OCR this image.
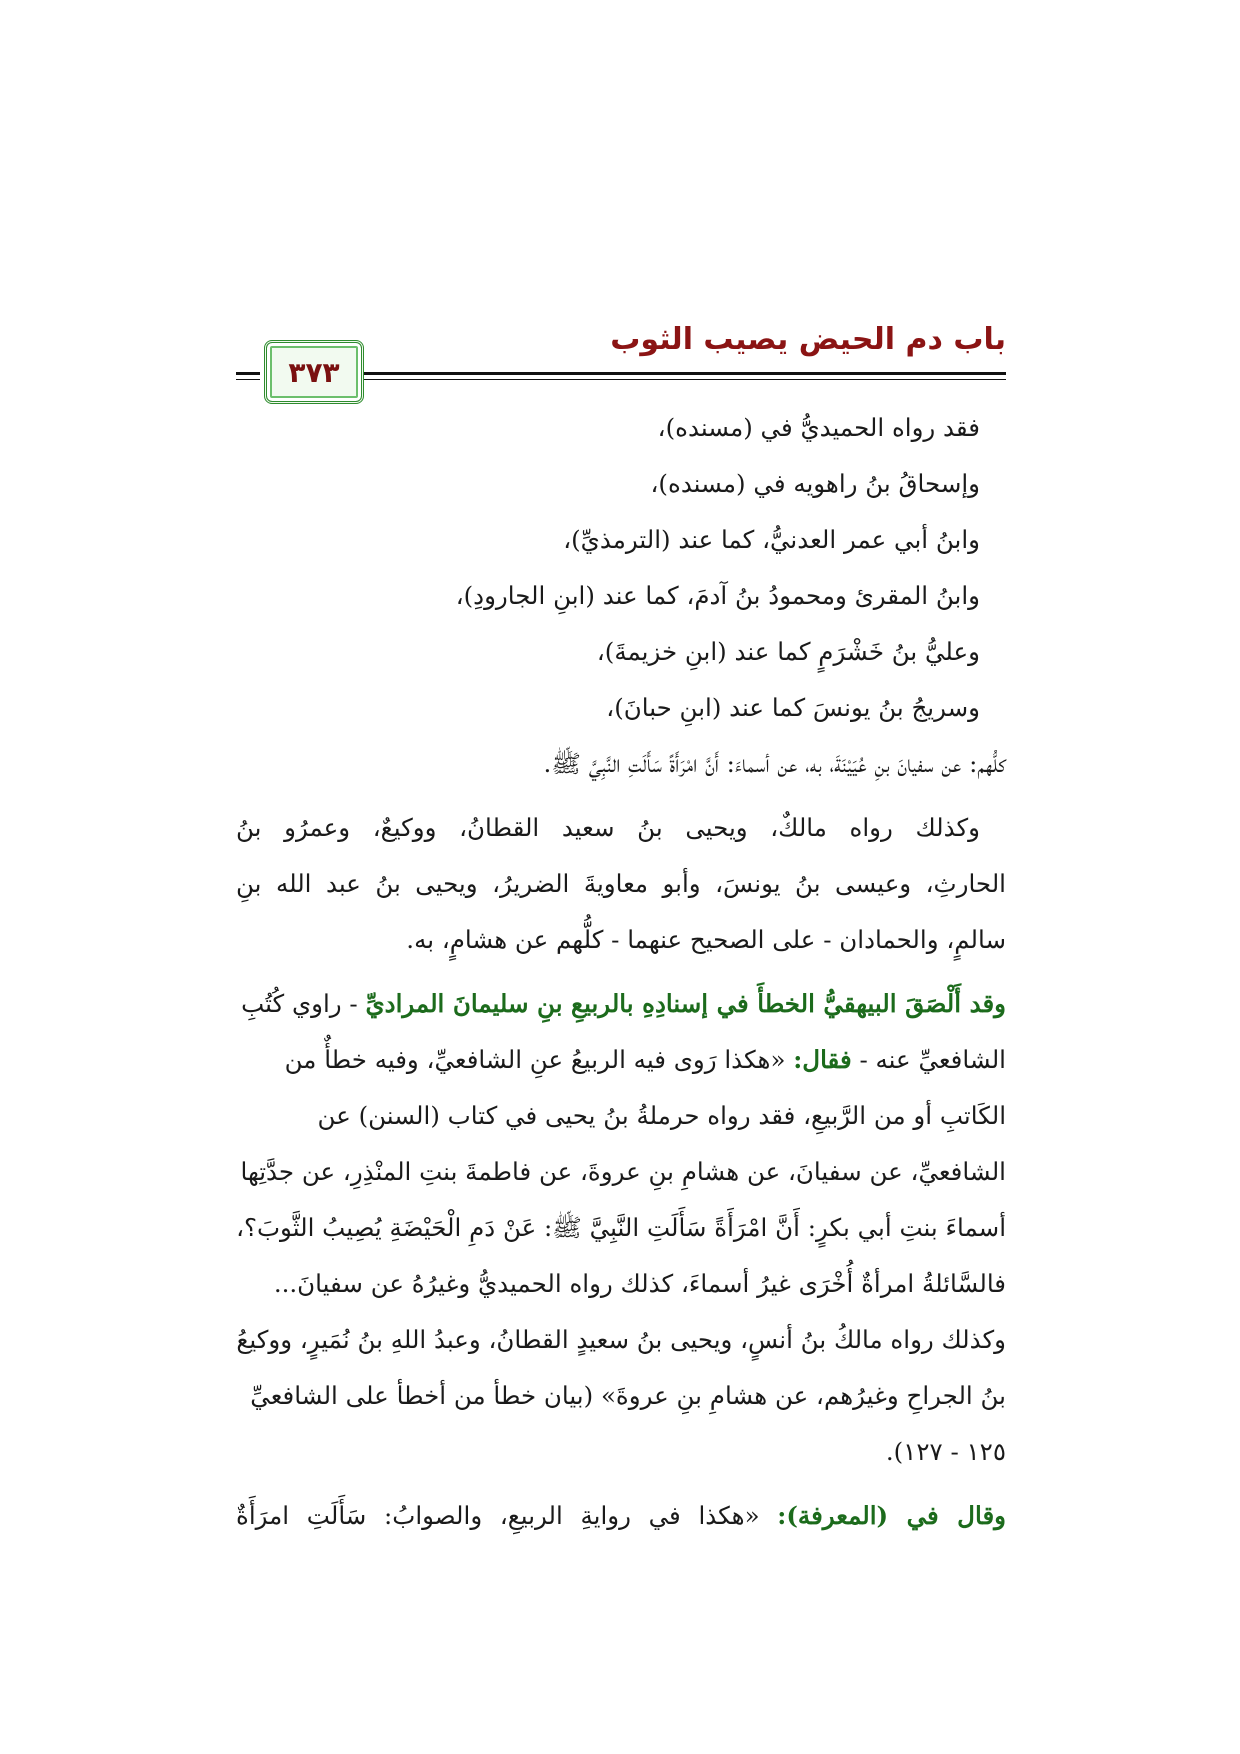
باب دم الحيض يصيب الثوب
٣٧٣

فقد رواه الحميديُّ في (مسنده)،

وإسحاقُ بنُ راهويه في (مسنده)،

وابنُ أبي عمر العدنيُّ، كما عند (الترمذيِّ)،

وابنُ المقرئ ومحمودُ بنُ آدمَ، كما عند (ابنِ الجارودِ)،

وعليُّ بنُ خَشْرَمٍ كما عند (ابنِ خزيمةَ)،

وسريجُ بنُ يونسَ كما عند (ابنِ حبانَ)،

كلُّهم: عن سفيانَ بنِ عُيَيْنَةَ، به، عن أسماءَ: أَنَّ امْرَأَةً سَأَلَتِ النَّبِيَّ ﷺ.

وكذلك رواه مالكٌ، ويحيى بنُ سعيد القطانُ، ووكيعٌ، وعمرُو بنُ

الحارثِ، وعيسى بنُ يونسَ، وأبو معاويةَ الضريرُ، ويحيى بنُ عبد الله بنِ

سالمٍ، والحمادان - على الصحيح عنهما - كلُّهم عن هشامٍ، به.

وقد أَلْصَقَ البيهقيُّ الخطأَ في إسنادِهِ بالربيعِ بنِ سليمانَ المراديِّ - راوي كُتُبِ الشافعيِّ عنه - فقال: «هكذا رَوى فيه الربيعُ عنِ الشافعيِّ، وفيه خطأٌ من الكَاتبِ أو من الرَّبيعِ، فقد رواه حرملةُ بنُ يحيى في كتاب (السنن) عن الشافعيِّ، عن سفيانَ، عن هشامِ بنِ عروةَ، عن فاطمةَ بنتِ المنْذِرِ، عن جدَّتِها أسماءَ بنتِ أبي بكرٍ: أَنَّ امْرَأَةً سَأَلَتِ النَّبِيَّ ﷺ: عَنْ دَمِ الْحَيْضَةِ يُصِيبُ الثَّوبَ؟، فالسَّائلةُ امرأةٌ أُخْرَى غيرُ أسماءَ، كذلك رواه الحميديُّ وغيرُهُ عن سفيانَ... وكذلك رواه مالكُ بنُ أنسٍ، ويحيى بنُ سعيدٍ القطانُ، وعبدُ اللهِ بنُ نُمَيرٍ، ووكيعُ بنُ الجراحِ وغيرُهم، عن هشامِ بنِ عروةَ» (بيان خطأ من أخطأ على الشافعيِّ ١٢٥ - ١٢٧).

وقال في (المعرفة): «هكذا في روايةِ الربيعِ، والصوابُ: سَأَلَتِ امرَأَةٌ
